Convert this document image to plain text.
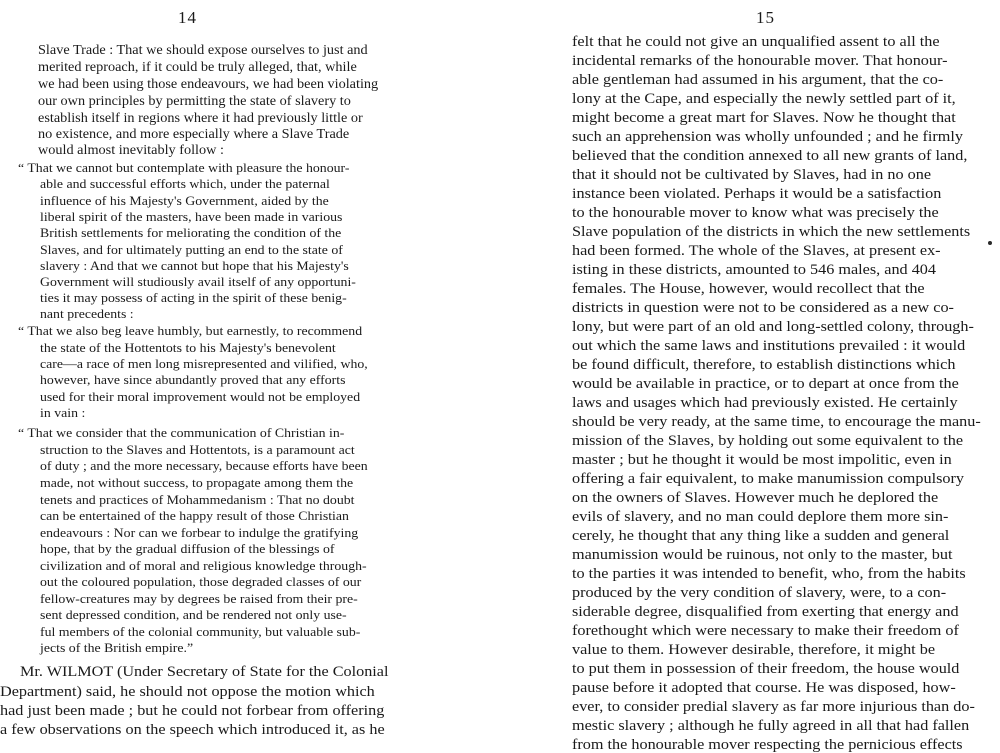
14
Slave Trade : That we should expose ourselves to just and
merited reproach, if it could be truly alleged, that, while
we had been using those endeavours, we had been violating
our own principles by permitting the state of slavery to
establish itself in regions where it had previously little or
no existence, and more especially where a Slave Trade
would almost inevitably follow :
“ That we cannot but contemplate with pleasure the honour-
able and successful efforts which, under the paternal
influence of his Majesty's Government, aided by the
liberal spirit of the masters, have been made in various
British settlements for meliorating the condition of the
Slaves, and for ultimately putting an end to the state of
slavery : And that we cannot but hope that his Majesty's
Government will studiously avail itself of any opportuni-
ties it may possess of acting in the spirit of these benig-
nant precedents :
“ That we also beg leave humbly, but earnestly, to recommend
the state of the Hottentots to his Majesty's benevolent
care—a race of men long misrepresented and vilified, who,
however, have since abundantly proved that any efforts
used for their moral improvement would not be employed
in vain :
“ That we consider that the communication of Christian in-
struction to the Slaves and Hottentots, is a paramount act
of duty ; and the more necessary, because efforts have been
made, not without success, to propagate among them the
tenets and practices of Mohammedanism : That no doubt
can be entertained of the happy result of those Christian
endeavours : Nor can we forbear to indulge the gratifying
hope, that by the gradual diffusion of the blessings of
civilization and of moral and religious knowledge through-
out the coloured population, those degraded classes of our
fellow-creatures may by degrees be raised from their pre-
sent depressed condition, and be rendered not only use-
ful members of the colonial community, but valuable sub-
jects of the British empire.”
Mr. WILMOT (Under Secretary of State for the Colonial
Department) said, he should not oppose the motion which
had just been made ; but he could not forbear from offering
a few observations on the speech which introduced it, as he
15
felt that he could not give an unqualified assent to all the
incidental remarks of the honourable mover. That honour-
able gentleman had assumed in his argument, that the co-
lony at the Cape, and especially the newly settled part of it,
might become a great mart for Slaves. Now he thought that
such an apprehension was wholly unfounded ; and he firmly
believed that the condition annexed to all new grants of land,
that it should not be cultivated by Slaves, had in no one
instance been violated. Perhaps it would be a satisfaction
to the honourable mover to know what was precisely the
Slave population of the districts in which the new settlements
had been formed. The whole of the Slaves, at present ex-
isting in these districts, amounted to 546 males, and 404
females. The House, however, would recollect that the
districts in question were not to be considered as a new co-
lony, but were part of an old and long-settled colony, through-
out which the same laws and institutions prevailed : it would
be found difficult, therefore, to establish distinctions which
would be available in practice, or to depart at once from the
laws and usages which had previously existed. He certainly
should be very ready, at the same time, to encourage the manu-
mission of the Slaves, by holding out some equivalent to the
master ; but he thought it would be most impolitic, even in
offering a fair equivalent, to make manumission compulsory
on the owners of Slaves. However much he deplored the
evils of slavery, and no man could deplore them more sin-
cerely, he thought that any thing like a sudden and general
manumission would be ruinous, not only to the master, but
to the parties it was intended to benefit, who, from the habits
produced by the very condition of slavery, were, to a con-
siderable degree, disqualified from exerting that energy and
forethought which were necessary to make their freedom of
value to them. However desirable, therefore, it might be
to put them in possession of their freedom, the house would
pause before it adopted that course. He was disposed, how-
ever, to consider predial slavery as far more injurious than do-
mestic slavery ; although he fully agreed in all that had fallen
from the honourable mover respecting the pernicious effects
